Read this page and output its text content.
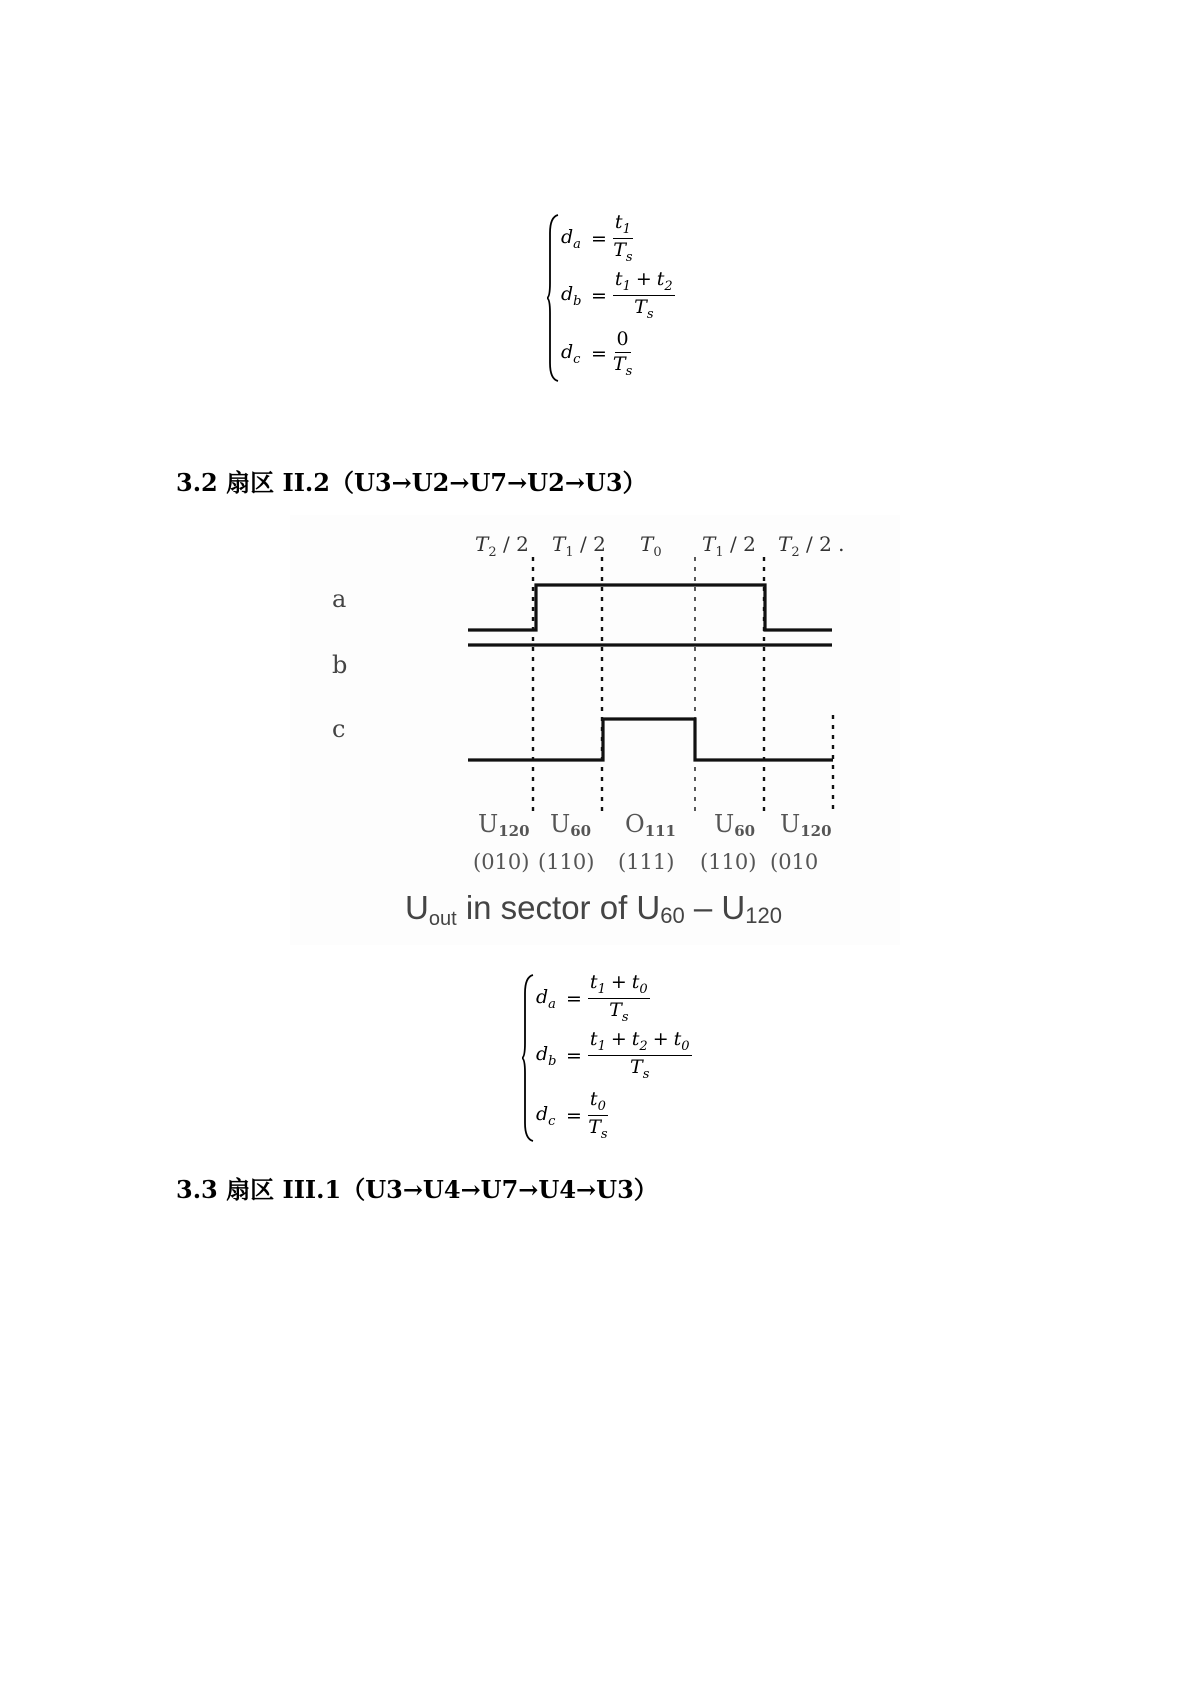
$d_a = \frac{t_1}{T_s}$
$d_b = \frac{t_1 + t_2}{T_s}$
$d_c = \frac{0}{T_s}$
3.2 扇区 II.2（U3→U2→U7→U2→U3）
$T_2 / 2$ $T_1 / 2$ $T_0$ $T_1 / 2$ $T_2 / 2$ .
a
b
c
U120 U60 O111 U60 U120
(010) (110) (111) (110) (010
Uout in sector of U60 – U120
$d_a = \frac{t_1 + t_0}{T_s}$
$d_b = \frac{t_1 + t_2 + t_0}{T_s}$
$d_c = \frac{t_0}{T_s}$
3.3 扇区 III.1（U3→U4→U7→U4→U3）
